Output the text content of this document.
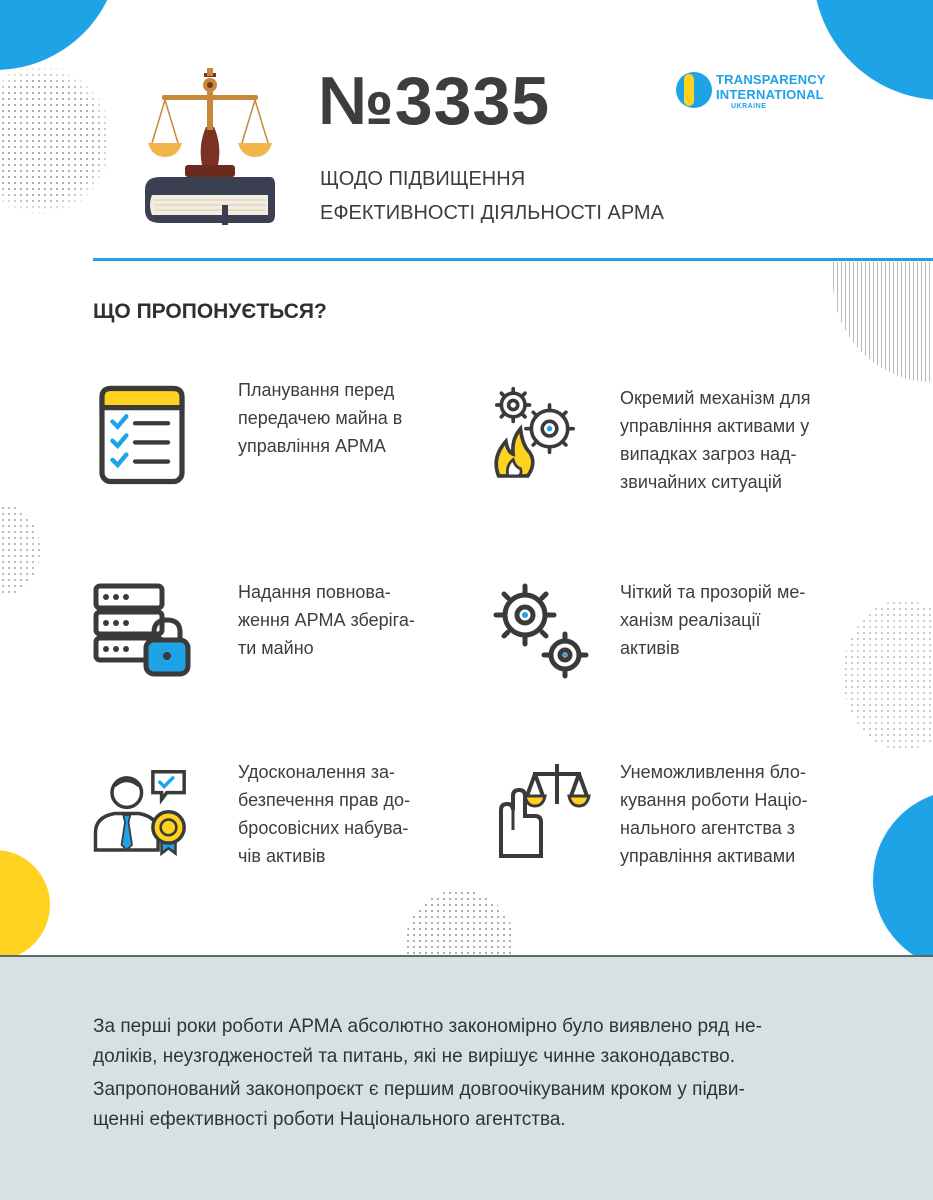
№3335
ЩОДО ПІДВИЩЕННЯ
ЕФЕКТИВНОСТІ ДІЯЛЬНОСТІ АРМА
TRANSPARENCY
INTERNATIONAL
UKRAINE
ЩО ПРОПОНУЄТЬСЯ?
Планування перед
передачею майна в
управління АРМА
Окремий механізм для
управління активами у
випадках загроз над-
звичайних ситуацій
Надання повнова-
ження АРМА зберіга-
ти майно
Чіткий та прозорій ме-
ханізм реалізації
активів
Удосконалення за-
безпечення прав до-
бросовісних набува-
чів активів
Унеможливлення бло-
кування роботи Націо-
нального агентства з
управління активами
За перші роки роботи АРМА абсолютно закономірно було виявлено ряд не-
доліків, неузгодженостей та питань, які не вирішує чинне законодавство.
Запропонований законопроєкт є першим довгоочікуваним кроком у підви-
щенні ефективності роботи Національного агентства.
